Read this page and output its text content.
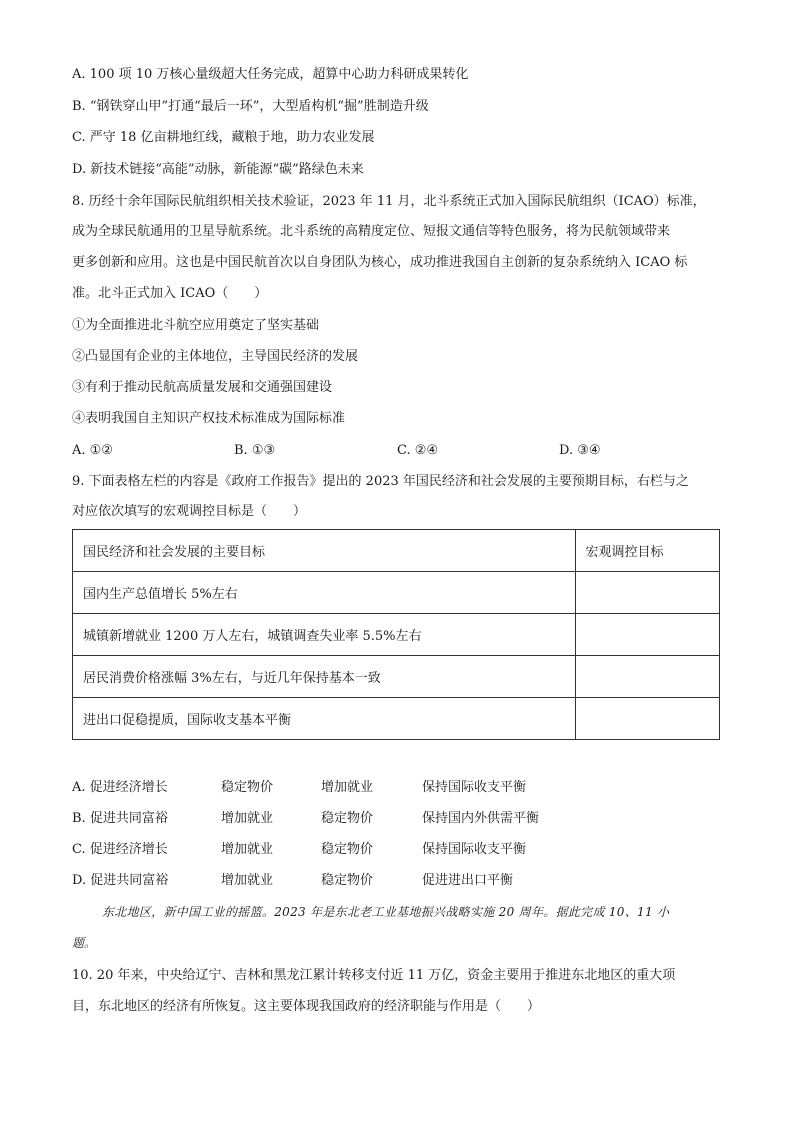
A. 100 项 10 万核心量级超大任务完成，超算中心助力科研成果转化
B. “钢铁穿山甲”打通“最后一环”，大型盾构机“掘”胜制造升级
C. 严守 18 亿亩耕地红线，藏粮于地，助力农业发展
D. 新技术链接“高能”动脉，新能源“碳”路绿色未来
8. 历经十余年国际民航组织相关技术验证，2023 年 11 月，北斗系统正式加入国际民航组织（ICAO）标准，
成为全球民航通用的卫星导航系统。北斗系统的高精度定位、短报文通信等特色服务，将为民航领域带来
更多创新和应用。这也是中国民航首次以自身团队为核心，成功推进我国自主创新的复杂系统纳入 ICAO 标
准。北斗正式加入 ICAO（　　）
①为全面推进北斗航空应用奠定了坚实基础
②凸显国有企业的主体地位，主导国民经济的发展
③有利于推动民航高质量发展和交通强国建设
④表明我国自主知识产权技术标准成为国际标准
A. ①②	B. ①③	C. ②④	D. ③④
9. 下面表格左栏的内容是《政府工作报告》提出的 2023 年国民经济和社会发展的主要预期目标，右栏与之
对应依次填写的宏观调控目标是（　　）
国民经济和社会发展的主要目标	宏观调控目标
国内生产总值增长 5%左右	
城镇新增就业 1200 万人左右，城镇调查失业率 5.5%左右	
居民消费价格涨幅 3%左右，与近几年保持基本一致	
进出口促稳提质，国际收支基本平衡	
A. 促进经济增长	稳定物价	增加就业	保持国际收支平衡
B. 促进共同富裕	增加就业	稳定物价	保持国内外供需平衡
C. 促进经济增长	增加就业	稳定物价	保持国际收支平衡
D. 促进共同富裕	增加就业	稳定物价	促进进出口平衡
东北地区，新中国工业的摇篮。2023 年是东北老工业基地振兴战略实施 20 周年。据此完成 10、11 小
题。
10. 20 年来，中央给辽宁、吉林和黑龙江累计转移支付近 11 万亿，资金主要用于推进东北地区的重大项
目，东北地区的经济有所恢复。这主要体现我国政府的经济职能与作用是（　　）
